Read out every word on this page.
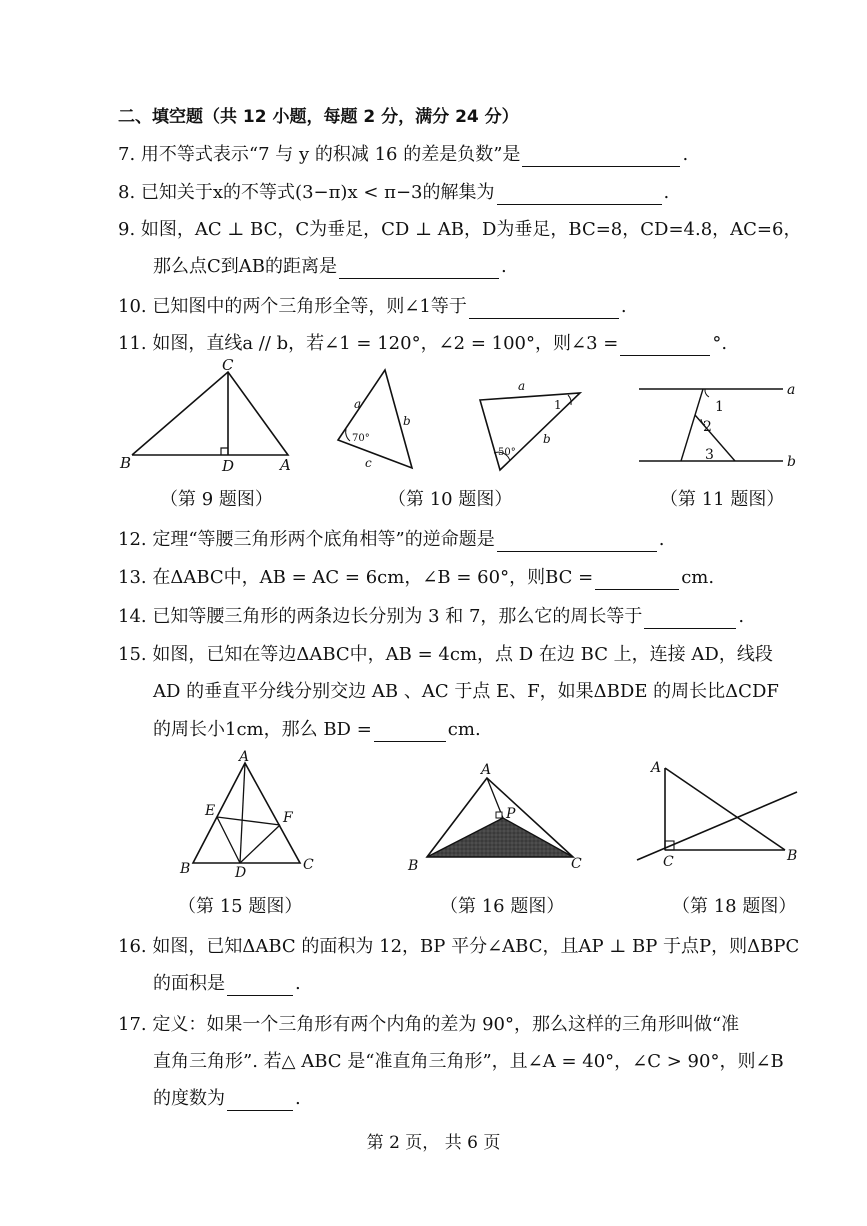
二、填空题（共 12 小题，每题 2 分，满分 24 分）
7. 用不等式表示“7 与 y 的积减 16 的差是负数”是	.
8. 已知关于x的不等式(3−π)x < π−3的解集为	.
9. 如图，AC ⊥ BC，C为垂足，CD ⊥ AB，D为垂足，BC=8，CD=4.8，AC=6，
那么点C到AB的距离是	.
10. 已知图中的两个三角形全等，则∠1等于	.
11. 如图，直线a // b，若∠1 = 120°，∠2 = 100°，则∠3 =	°.
C
B	D	A
a
b
c
70°
a
1
b
50°
1
2
3
a
b
（第 9 题图）	（第 10 题图）	（第 11 题图）
12. 定理“等腰三角形两个底角相等”的逆命题是	.
13. 在ΔABC中，AB = AC = 6cm，∠B = 60°，则BC =	cm.
14. 已知等腰三角形的两条边长分别为 3 和 7，那么它的周长等于	.
15. 如图，已知在等边ΔABC中，AB = 4cm，点 D 在边 BC 上，连接 AD，线段
AD 的垂直平分线分别交边 AB 、AC 于点 E、F，如果ΔBDE 的周长比ΔCDF
的周长小1cm，那么 BD =	cm.
A
B	C
D
E	F
A
B	C
P
A
B
C
（第 15 题图）	（第 16 题图）	（第 18 题图）
16. 如图，已知ΔABC 的面积为 12，BP 平分∠ABC，且AP ⊥ BP 于点P，则ΔBPC
的面积是	.
17. 定义：如果一个三角形有两个内角的差为 90°，那么这样的三角形叫做“准
直角三角形”. 若△ ABC 是“准直角三角形”，且∠A = 40°，∠C > 90°，则∠B
的度数为	.
第 2 页， 共 6 页
